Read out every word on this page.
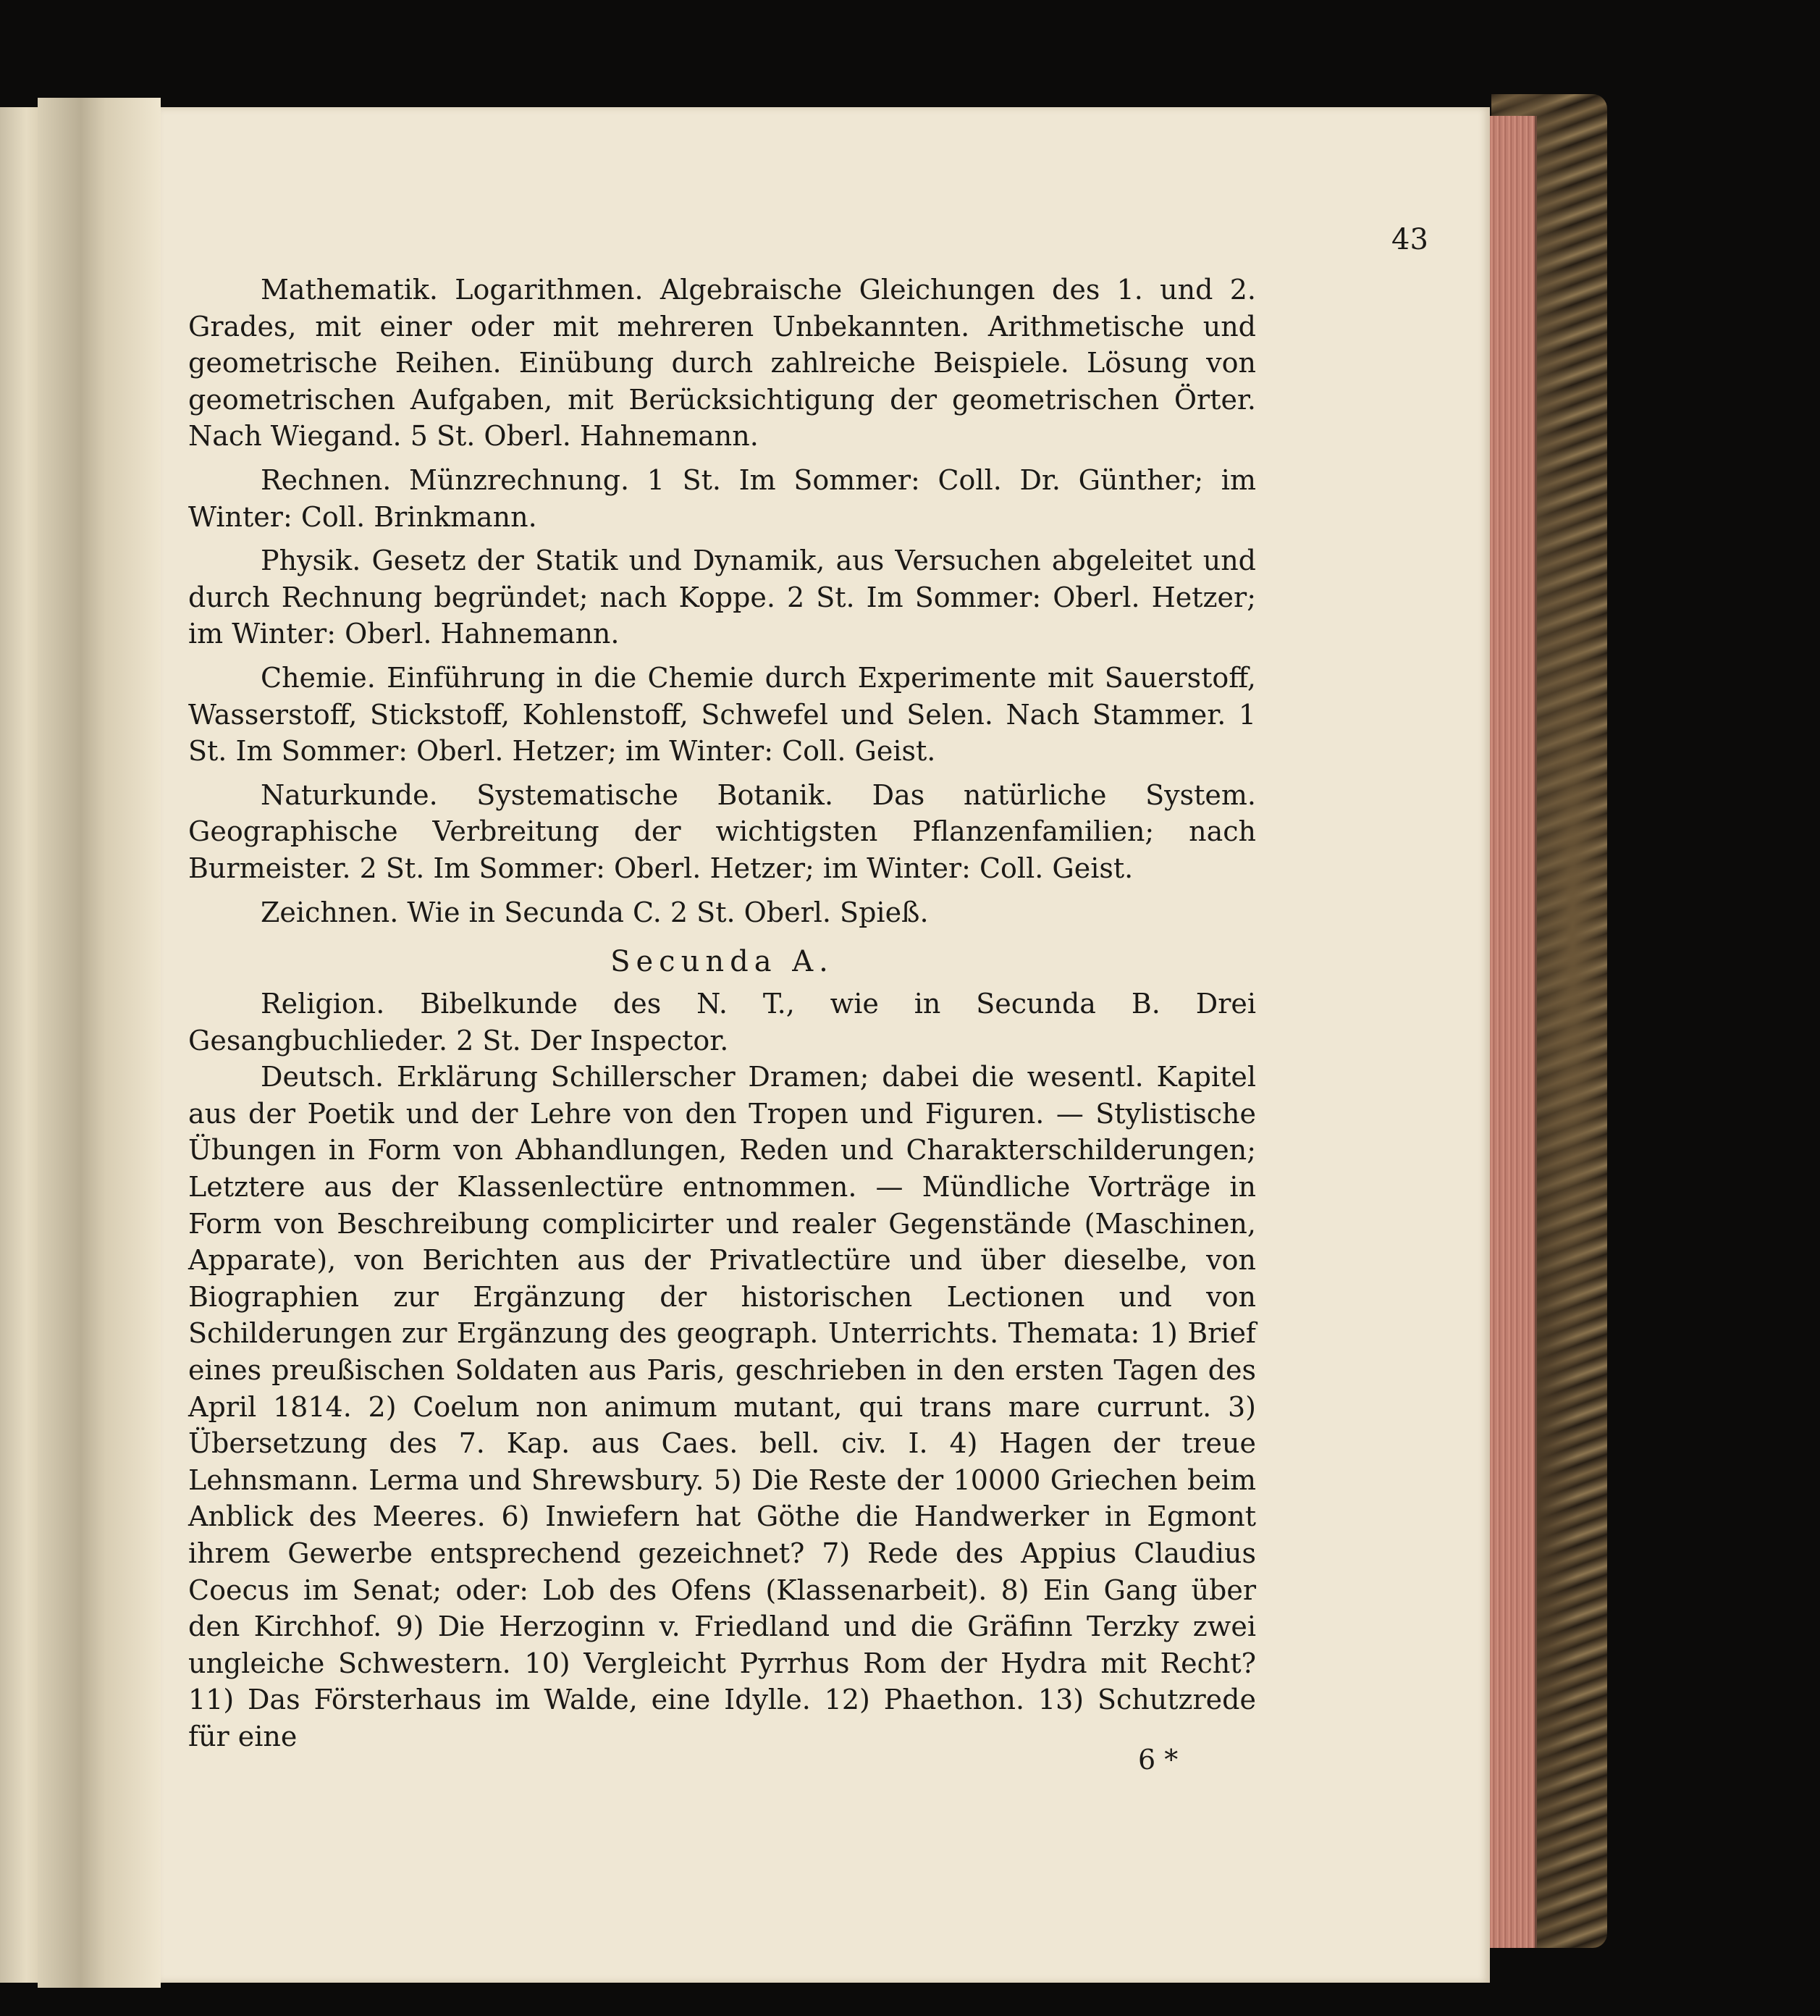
43

6 *

Mathematik. Logarithmen. Algebraische Gleichungen des 1. und 2. Grades, mit einer oder mit mehreren Unbekannten. Arithmetische und geometrische Reihen. Einübung durch zahlreiche Beispiele. Lösung von geometrischen Aufgaben, mit Berücksichtigung der geometrischen Örter. Nach Wiegand. 5 St. Oberl. Hahnemann.

Rechnen. Münzrechnung. 1 St. Im Sommer: Coll. Dr. Günther; im Winter: Coll. Brinkmann.

Physik. Gesetz der Statik und Dynamik, aus Versuchen abgeleitet und durch Rechnung begründet; nach Koppe. 2 St. Im Sommer: Oberl. Hetzer; im Winter: Oberl. Hahnemann.

Chemie. Einführung in die Chemie durch Experimente mit Sauerstoff, Wasserstoff, Stickstoff, Kohlenstoff, Schwefel und Selen. Nach Stammer. 1 St. Im Sommer: Oberl. Hetzer; im Winter: Coll. Geist.

Naturkunde. Systematische Botanik. Das natürliche System. Geographische Verbreitung der wichtigsten Pflanzenfamilien; nach Burmeister. 2 St. Im Sommer: Oberl. Hetzer; im Winter: Coll. Geist.

Zeichnen. Wie in Secunda C. 2 St. Oberl. Spieß.

Secunda A.

Religion. Bibelkunde des N. T., wie in Secunda B. Drei Gesangbuchlieder. 2 St. Der Inspector.

Deutsch. Erklärung Schillerscher Dramen; dabei die wesentl. Kapitel aus der Poetik und der Lehre von den Tropen und Figuren. — Stylistische Übungen in Form von Abhandlungen, Reden und Charakterschilderungen; Letztere aus der Klassenlectüre entnommen. — Mündliche Vorträge in Form von Beschreibung complicirter und realer Gegenstände (Maschinen, Apparate), von Berichten aus der Privatlectüre und über dieselbe, von Biographien zur Ergänzung der historischen Lectionen und von Schilderungen zur Ergänzung des geograph. Unterrichts. Themata: 1) Brief eines preußischen Soldaten aus Paris, geschrieben in den ersten Tagen des April 1814. 2) Coelum non animum mutant, qui trans mare currunt. 3) Übersetzung des 7. Kap. aus Caes. bell. civ. I. 4) Hagen der treue Lehnsmann. Lerma und Shrewsbury. 5) Die Reste der 10000 Griechen beim Anblick des Meeres. 6) Inwiefern hat Göthe die Handwerker in Egmont ihrem Gewerbe entsprechend gezeichnet? 7) Rede des Appius Claudius Coecus im Senat; oder: Lob des Ofens (Klassenarbeit). 8) Ein Gang über den Kirchhof. 9) Die Herzoginn v. Friedland und die Gräfinn Terzky zwei ungleiche Schwestern. 10) Vergleicht Pyrrhus Rom der Hydra mit Recht? 11) Das Försterhaus im Walde, eine Idylle. 12) Phaethon. 13) Schutzrede für eine
